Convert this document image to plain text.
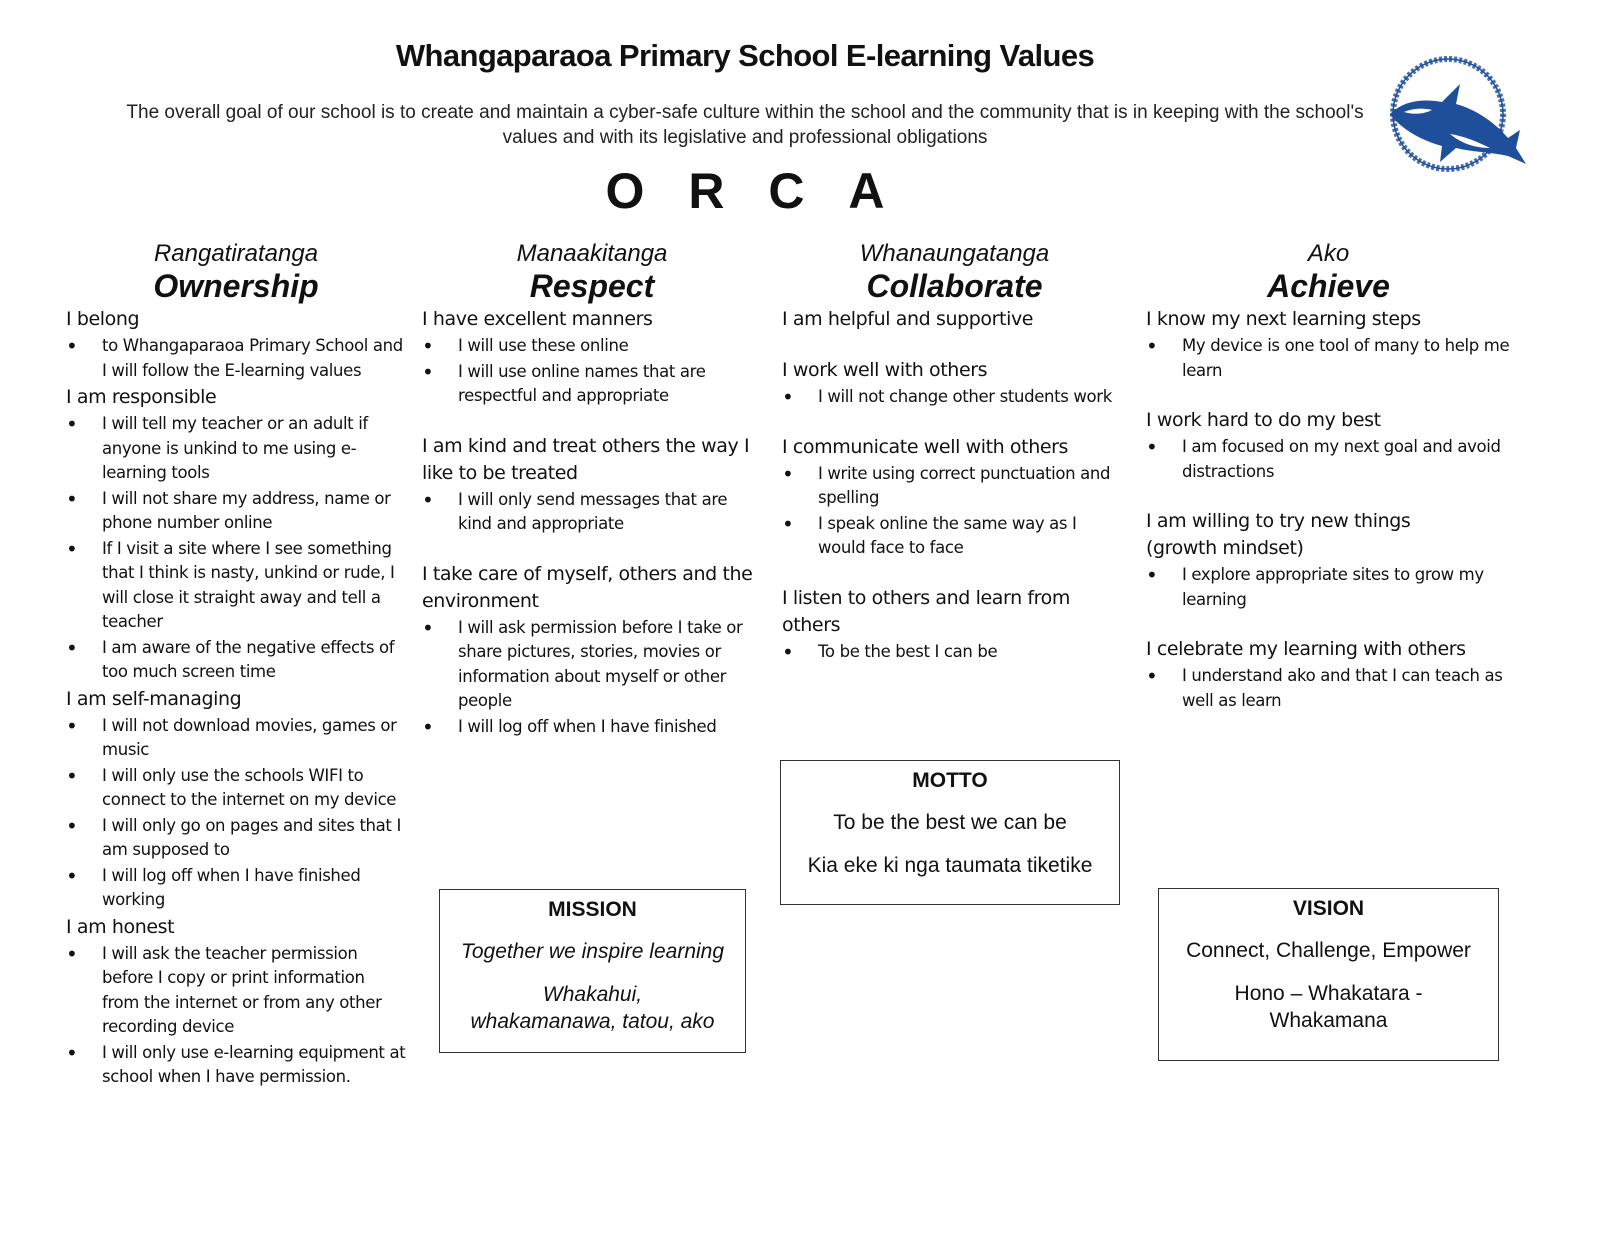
Whangaparaoa Primary School E-learning Values
The overall goal of our school is to create and maintain a cyber-safe culture within the school and the community that is in keeping with the school's values and with its legislative and professional obligations
O R C A
Rangatiratanga
Ownership
I belong
• to Whangaparaoa Primary School and I will follow the E-learning values
I am responsible
• I will tell my teacher or an adult if anyone is unkind to me using e-learning tools
• I will not share my address, name or phone number online
• If I visit a site where I see something that I think is nasty, unkind or rude, I will close it straight away and tell a teacher
• I am aware of the negative effects of too much screen time
I am self-managing
• I will not download movies, games or music
• I will only use the schools WIFI to connect to the internet on my device
• I will only go on pages and sites that I am supposed to
• I will log off when I have finished working
I am honest
• I will ask the teacher permission before I copy or print information from the internet or from any other recording device
• I will only use e-learning equipment at school when I have permission.
Manaakitanga
Respect
I have excellent manners
• I will use these online
• I will use online names that are respectful and appropriate
I am kind and treat others the way I like to be treated
• I will only send messages that are kind and appropriate
I take care of myself, others and the environment
• I will ask permission before I take or share pictures, stories, movies or information about myself or other people
• I will log off when I have finished
Whanaungatanga
Collaborate
I am helpful and supportive
I work well with others
• I will not change other students work
I communicate well with others
• I write using correct punctuation and spelling
• I speak online the same way as I would face to face
I listen to others and learn from others
• To be the best I can be
Ako
Achieve
I know my next learning steps
• My device is one tool of many to help me learn
I work hard to do my best
• I am focused on my next goal and avoid distractions
I am willing to try new things (growth mindset)
• I explore appropriate sites to grow my learning
I celebrate my learning with others
• I understand ako and that I can teach as well as learn
MOTTO
To be the best we can be
Kia eke ki nga taumata tiketike
MISSION
Together we inspire learning
Whakahui, whakamanawa, tatou, ako
VISION
Connect, Challenge, Empower
Hono – Whakatara - Whakamana
